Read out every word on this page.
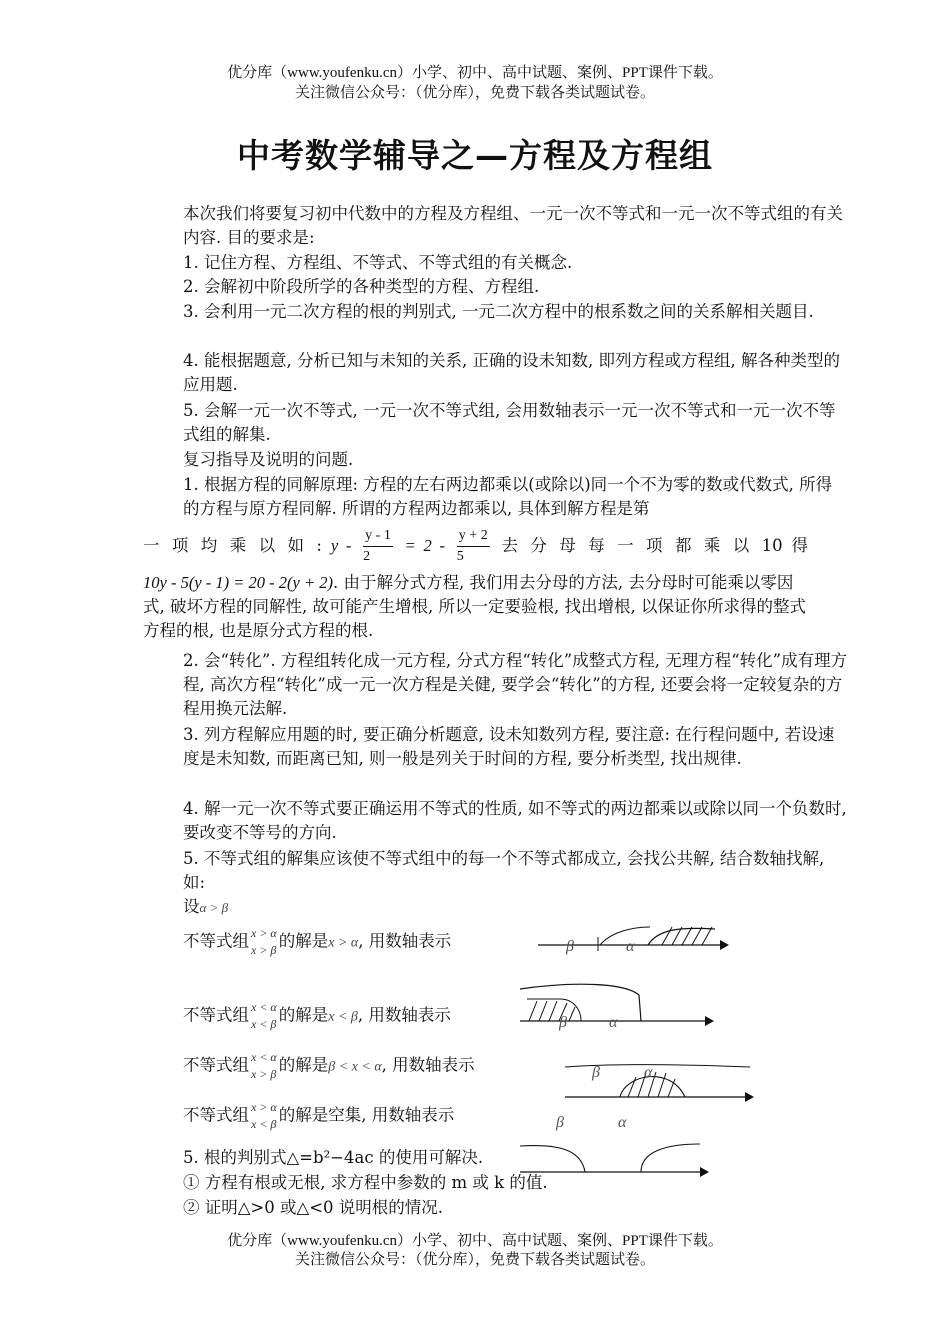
优分库（www.youfenku.cn）小学、初中、高中试题、案例、PPT课件下载。
关注微信公众号：（优分库），免费下载各类试题试卷。
中考数学辅导之—方程及方程组
本次我们将要复习初中代数中的方程及方程组、一元一次不等式和一元一次不等式组的有关内容. 目的要求是:
1. 记住方程、方程组、不等式、不等式组的有关概念.
2. 会解初中阶段所学的各种类型的方程、方程组.
3. 会利用一元二次方程的根的判别式, 一元二次方程中的根系数之间的关系解相关题目.
4. 能根据题意, 分析已知与未知的关系, 正确的设未知数, 即列方程或方程组, 解各种类型的应用题.
5. 会解一元一次不等式, 一元一次不等式组, 会用数轴表示一元一次不等式和一元一次不等式组的解集.
复习指导及说明的问题.
1. 根据方程的同解原理: 方程的左右两边都乘以(或除以)同一个不为零的数或代数式, 所得的方程与原方程同解. 所谓的方程两边都乘以, 具体到解方程是第
一 项 均 乘 以 如 : $y - \frac{y - 1}{2} = 2 - \frac{y + 2}{5}$ 去 分 母 每 一 项 都 乘 以 10 得
10y - 5(y - 1) = 20 - 2(y + 2). 由于解分式方程, 我们用去分母的方法, 去分母时可能乘以零因式, 破坏方程的同解性, 故可能产生增根, 所以一定要验根, 找出增根, 以保证你所求得的整式方程的根, 也是原分式方程的根.
2. 会“转化”. 方程组转化成一元方程, 分式方程“转化”成整式方程, 无理方程“转化”成有理方程, 高次方程“转化”成一元一次方程是关健, 要学会“转化”的方程, 还要会将一定较复杂的方程用换元法解.
3. 列方程解应用题的时, 要正确分析题意, 设未知数列方程, 要注意: 在行程问题中, 若设速度是未知数, 而距离已知, 则一般是列关于时间的方程, 要分析类型, 找出规律.
4. 解一元一次不等式要正确运用不等式的性质, 如不等式的两边都乘以或除以同一个负数时, 要改变不等号的方向.
5. 不等式组的解集应该使不等式组中的每一个不等式都成立, 会找公共解, 结合数轴找解, 如:
设α > β
不等式组 x > α
x > β 的解是x > α, 用数轴表示
不等式组 x < α
x < β 的解是x < β, 用数轴表示
不等式组 x < α
x > β 的解是β < x < α, 用数轴表示
不等式组 x > α
x < β 的解是空集, 用数轴表示
β	α
β	α
β	α
β	α
5. 根的判别式△=b²−4ac 的使用可解决.
① 方程有根或无根, 求方程中参数的 m 或 k 的值.
② 证明△>0 或△<0 说明根的情况.
优分库（www.youfenku.cn）小学、初中、高中试题、案例、PPT课件下载。
关注微信公众号：（优分库），免费下载各类试题试卷。
